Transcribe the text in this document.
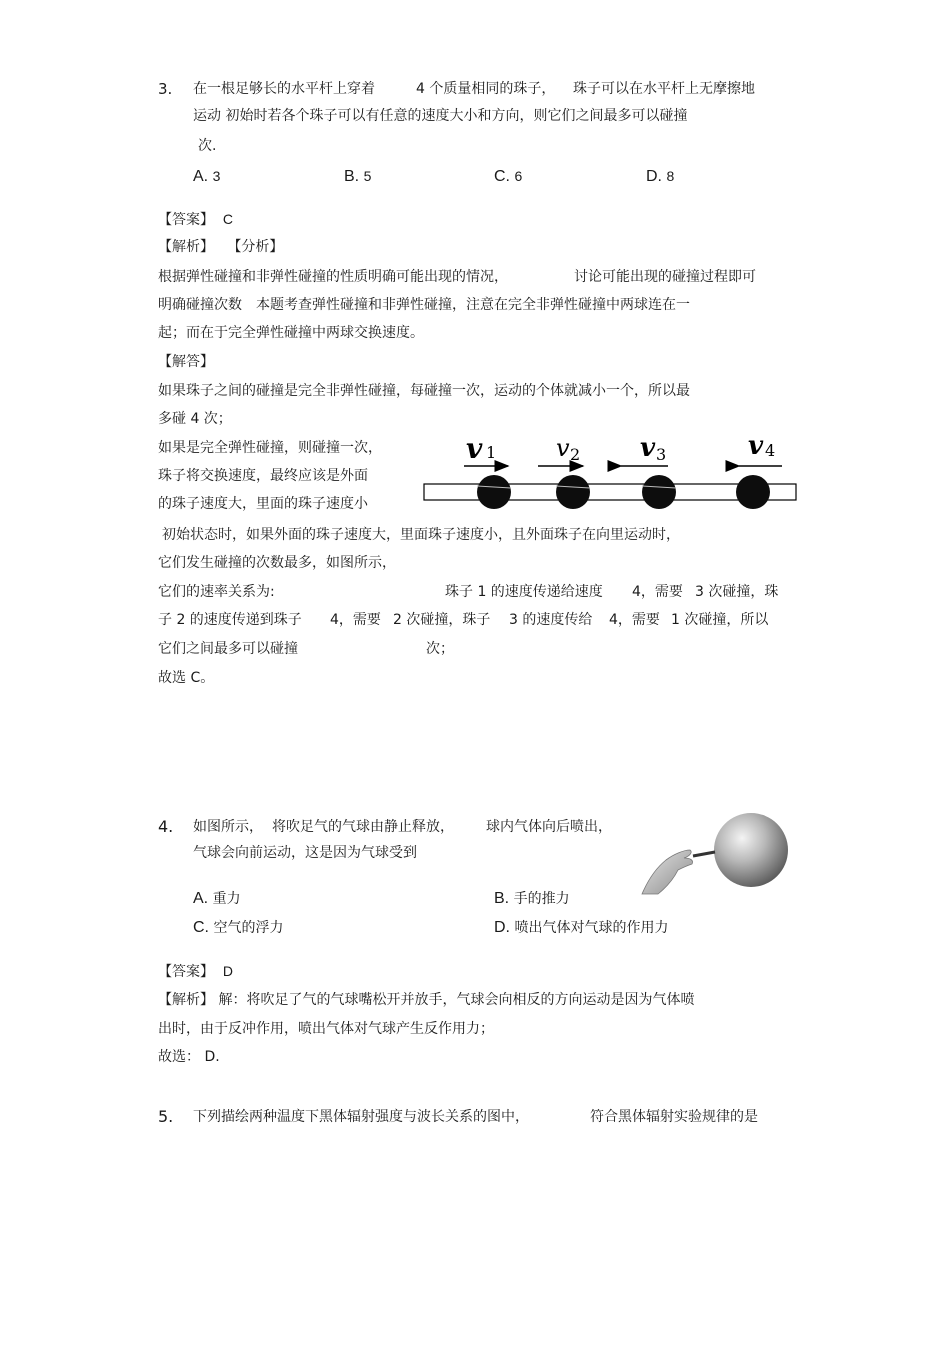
3. 在一根足够长的水平杆上穿着	4 个质量相同的珠子， 珠子可以在水平杆上无摩擦地
运动 初始时若各个珠子可以有任意的速度大小和方向，则它们之间最多可以碰撞
次.
A. 3	B. 5	C. 6	D. 8
【答案】 C
【解析】 【分析】
根据弹性碰撞和非弹性碰撞的性质明确可能出现的情况，	讨论可能出现的碰撞过程即可
明确碰撞次数　本题考查弹性碰撞和非弹性碰撞，注意在完全非弹性碰撞中两球连在一
起；而在于完全弹性碰撞中两球交换速度。
【解答】
如果珠子之间的碰撞是完全非弹性碰撞，每碰撞一次，运动的个体就减小一个，所以最
多碰 4 次；
如果是完全弹性碰撞，则碰撞一次，
珠子将交换速度，最终应该是外面
的珠子速度大，里面的珠子速度小
初始状态时，如果外面的珠子速度大，里面珠子速度小，且外面珠子在向里运动时，
它们发生碰撞的次数最多，如图所示，
它们的速率关系为:	珠子 1 的速度传递给速度 4，需要 3 次碰撞，珠
子 2 的速度传递到珠子 4，需要 2 次碰撞，珠子 3 的速度传给 4，需要 1 次碰撞，所以
它们之间最多可以碰撞	次；
故选 C。
v 1 v 2 v 3	v 4
4. 如图所示， 将吹足气的气球由静止释放， 球内气体向后喷出，
气球会向前运动，这是因为气球受到
A. 重力	B. 手的推力
C. 空气的浮力	D. 喷出气体对气球的作用力
【答案】 D
【解析】 解：将吹足了气的气球嘴松开并放手，气球会向相反的方向运动是因为气体喷
出时，由于反冲作用，喷出气体对气球产生反作用力；
故选： D.
5. 下列描绘两种温度下黑体辐射强度与波长关系的图中，	符合黑体辐射实验规律的是
